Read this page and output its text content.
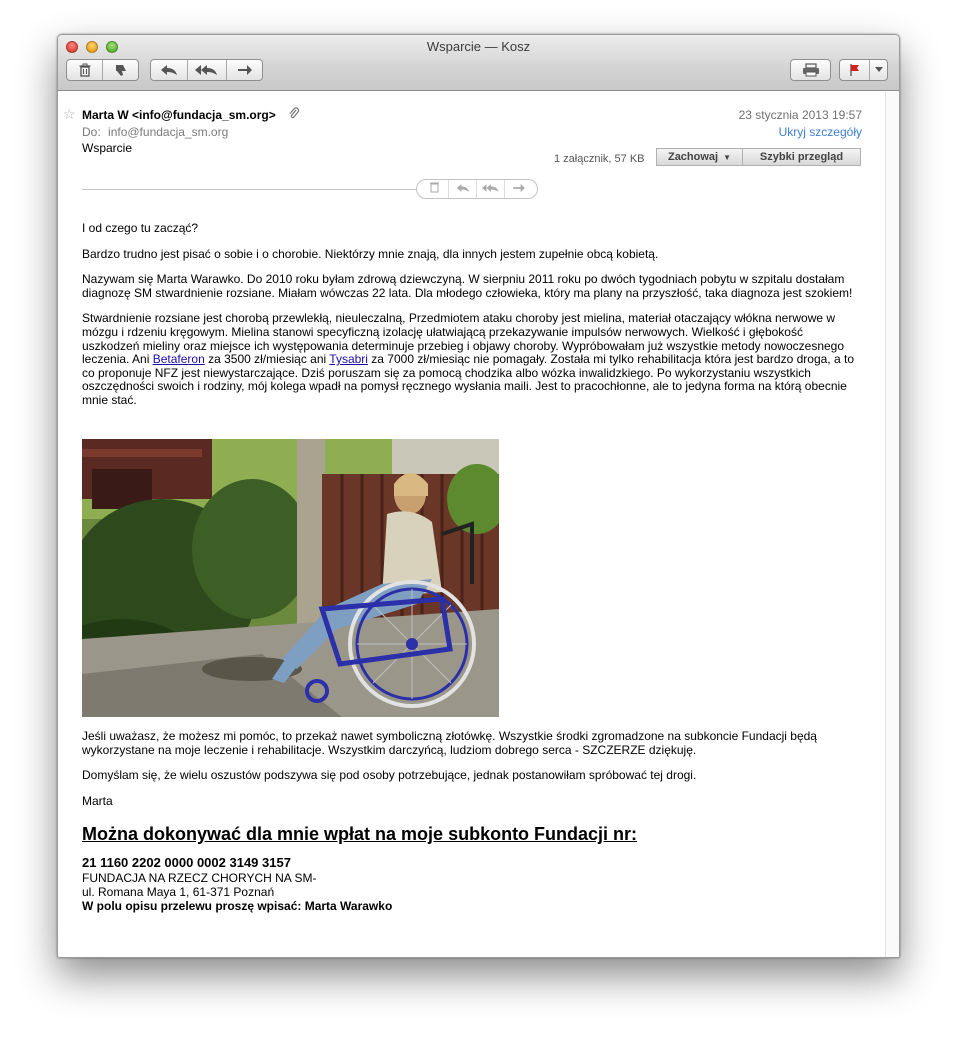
Wsparcie — Kosz
☆ Marta W <info@fundacja_sm.org>
Do: info@fundacja_sm.org
Wsparcie
23 stycznia 2013 19:57
Ukryj szczegóły
1 załącznik, 57 KB Zachowaj ▼	Szybki przegląd

I od czego tu zacząć?

Bardzo trudno jest pisać o sobie i o chorobie. Niektórzy mnie znają, dla innych jestem zupełnie obcą kobietą.

Nazywam się Marta Warawko. Do 2010 roku byłam zdrową dziewczyną. W sierpniu 2011 roku po dwóch tygodniach pobytu w szpitalu dostałam diagnozę SM stwardnienie rozsiane. Miałam wówczas 22 lata. Dla młodego człowieka, który ma plany na przyszłość, taka diagnoza jest szokiem!

Stwardnienie rozsiane jest chorobą przewlekłą, nieuleczalną, Przedmiotem ataku choroby jest mielina, materiał otaczający włókna nerwowe w mózgu i rdzeniu kręgowym. Mielina stanowi specyficzną izolację ułatwiającą przekazywanie impulsów nerwowych. Wielkość i głębokość uszkodzeń mieliny oraz miejsce ich występowania determinuje przebieg i objawy choroby. Wypróbowałam już wszystkie metody nowoczesnego leczenia. Ani Betaferon za 3500 zł/miesiąc ani Tysabri za 7000 zł/miesiąc nie pomagały. Została mi tylko rehabilitacja która jest bardzo droga, a to co proponuje NFZ jest niewystarczające. Dziś poruszam się za pomocą chodzika albo wózka inwalidzkiego. Po wykorzystaniu wszystkich oszczędności swoich i rodziny, mój kolega wpadł na pomysł ręcznego wysłania maili. Jest to pracochłonne, ale to jedyna forma na którą obecnie mnie stać.

Jeśli uważasz, że możesz mi pomóc, to przekaż nawet symboliczną złotówkę. Wszystkie środki zgromadzone na subkoncie Fundacji będą wykorzystane na moje leczenie i rehabilitacje. Wszystkim darczyńcą, ludziom dobrego serca - SZCZERZE dziękuję.

Domyślam się, że wielu oszustów podszywa się pod osoby potrzebujące, jednak postanowiłam spróbować tej drogi.

Marta

Można dokonywać dla mnie wpłat na moje subkonto Fundacji nr:
21 1160 2202 0000 0002 3149 3157
FUNDACJA NA RZECZ CHORYCH NA SM-
ul. Romana Maya 1, 61-371 Poznań
W polu opisu przelewu proszę wpisać: Marta Warawko
